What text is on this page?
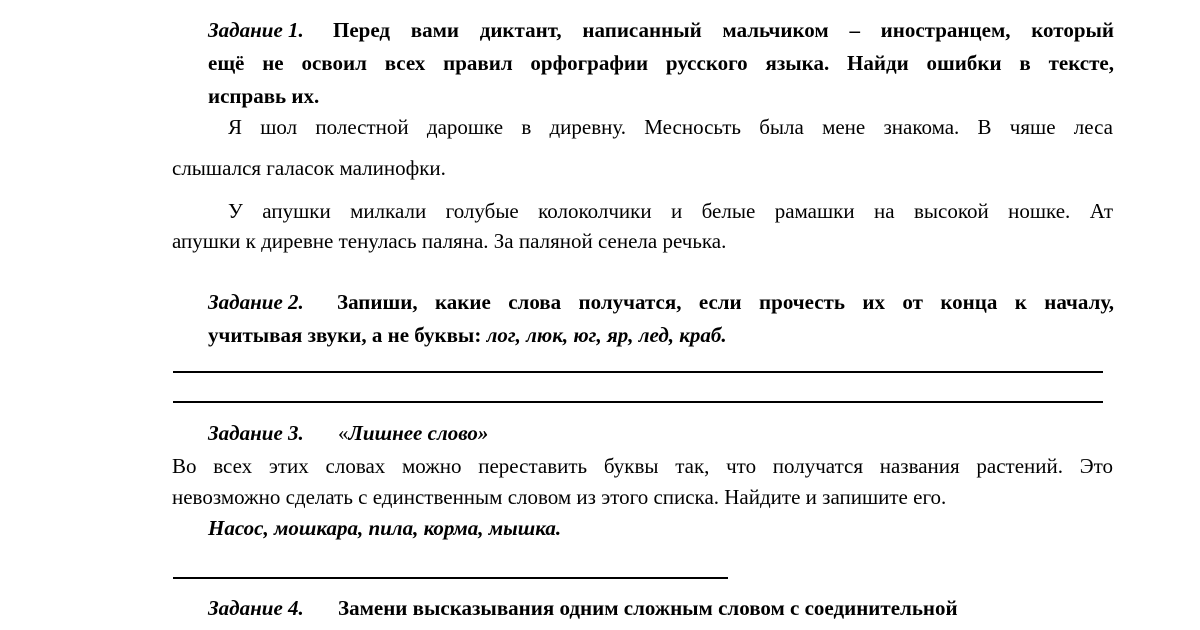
Задание 1. Перед вами диктант, написанный мальчиком – иностранцем, который
ещё не освоил всех правил орфографии русского языка. Найди ошибки в тексте,
исправь их.
Я шол полестной дарошке в диревну. Месносьть была мене знакома. В чяше леса
слышался галасок малинофки.
У апушки милкали голубые колоколчики и белые рамашки на высокой ношке. Ат
апушки к диревне тенулась паляна. За паляной сенела речька.
Задание 2. Запиши, какие слова получатся, если прочесть их от конца к началу,
учитывая звуки, а не буквы: лог, люк, юг, яр, лед, краб.
Задание 3. «Лишнее слово»
Во всех этих словах можно переставить буквы так, что получатся названия растений. Это
невозможно сделать с единственным словом из этого списка. Найдите и запишите его.
Насос, мошкара, пила, корма, мышка.
Задание 4. Замени высказывания одним сложным словом с соединительной
